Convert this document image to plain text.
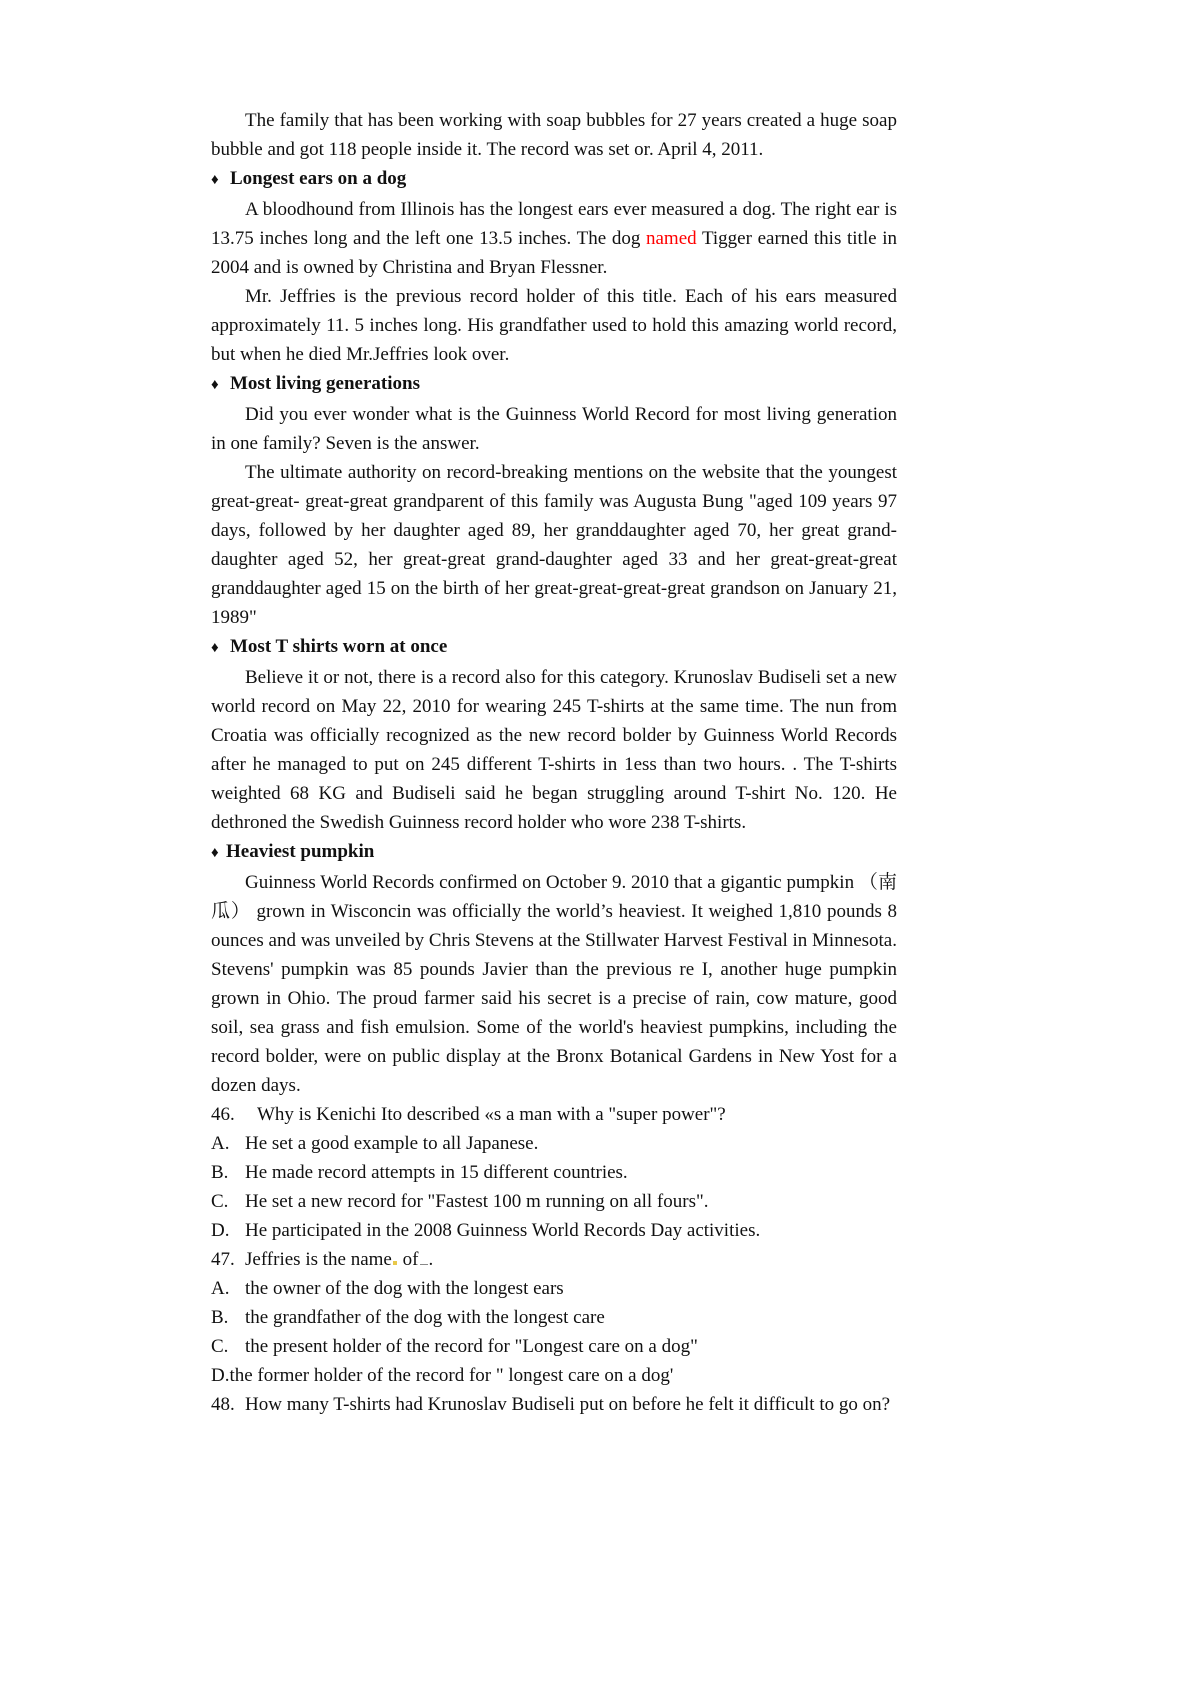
The family that has been working with soap bubbles for 27 years created a huge soap bubble and got 118 people inside it. The record was set or. April 4, 2011.

♦ Longest ears on a dog

A bloodhound from Illinois has the longest ears ever measured a dog. The right ear is 13.75 inches long and the left one 13.5 inches. The dog named Tigger earned this title in 2004 and is owned by Christina and Bryan Flessner.

Mr. Jeffries is the previous record holder of this title. Each of his ears measured approximately 11. 5 inches long. His grandfather used to hold this amazing world record, but when he died Mr.Jeffries look over.

♦ Most living generations

Did you ever wonder what is the Guinness World Record for most living generation in one family? Seven is the answer.

The ultimate authority on record-breaking mentions on the website that the youngest great-great- great-great grandparent of this family was Augusta Bung "aged 109 years 97 days, followed by her daughter aged 89, her granddaughter aged 70, her great grand-daughter aged 52, her great-great grand-daughter aged 33 and her great-great-great granddaughter aged 15 on the birth of her great-great-great-great grandson on January 21, 1989"

♦ Most T shirts worn at once

Believe it or not, there is a record also for this category. Krunoslav Budiseli set a new world record on May 22, 2010 for wearing 245 T-shirts at the same time. The nun from Croatia was officially recognized as the new record bolder by Guinness World Records after he managed to put on 245 different T-shirts in 1ess than two hours. . The T-shirts weighted 68 KG and Budiseli said he began struggling around T-shirt No. 120. He dethroned the Swedish Guinness record holder who wore 238 T-shirts.

♦ Heaviest pumpkin

Guinness World Records confirmed on October 9. 2010 that a gigantic pumpkin （南瓜） grown in Wisconcin was officially the world’s heaviest. It weighed 1,810 pounds 8 ounces and was unveiled by Chris Stevens at the Stillwater Harvest Festival in Minnesota. Stevens' pumpkin was 85 pounds Javier than the previous re I, another huge pumpkin grown in Ohio. The proud farmer said his secret is a precise of rain, cow mature, good soil, sea grass and fish emulsion. Some of the world's heaviest pumpkins, including the record bolder, were on public display at the Bronx Botanical Gardens in New Yost for a dozen days.

46.	Why is Kenichi Ito described «s a man with a "super power"?
A. He set a good example to all Japanese.
B. He made record attempts in 15 different countries.
C. He set a new record for "Fastest 100 m running on all fours".
D. He participated in the 2008 Guinness World Records Day activities.
47. Jeffries is the name of .
A. the owner of the dog with the longest ears
B. the grandfather of the dog with the longest care
C. the present holder of the record for "Longest care on a dog"

D.the former holder of the record for " longest care on a dog'

48. How many T-shirts had Krunoslav Budiseli put on before he felt it difficult to go on?
